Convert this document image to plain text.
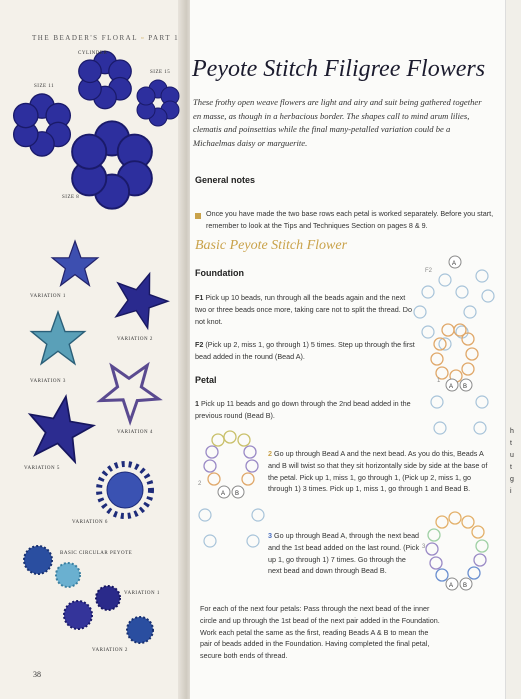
h
t
u
t
g
i
THE BEADER'S FLORAL ▫ PART 1
CYLINDER
SIZE 11
SIZE 15
SIZE 8
VARIATION 1
VARIATION 2
VARIATION 3
VARIATION 4
VARIATION 5
VARIATION 6
BASIC CIRCULAR PEYOTE
VARIATION 1
VARIATION 2
38
Peyote Stitch Filigree Flowers
These frothy open weave flowers are light and airy and suit being gathered together en masse, as though in a herbacious border. The shapes call to mind arum lilies, clematis and poinsettias while the final many-petalled variation could be a Michaelmas daisy or marguerite.
General notes
Once you have made the two base rows each petal is worked separately. Before you start, remember to look at the Tips and Techniques Section on pages 8 & 9.
Basic Peyote Stitch Flower
Foundation
F1 Pick up 10 beads, run through all the beads again and the next two or three beads once more, taking care not to split the thread. Do not knot.
F2 (Pick up 2, miss 1, go through 1) 5 times. Step up through the first bead added in the round (Bead A).
Petal
1 Pick up 11 beads and go down through the 2nd bead added in the previous round (Bead B).
2 Go up through Bead A and the next bead. As you do this, Beads A and B will twist so that they sit horizontally side by side at the base of the petal. Pick up 1, miss 1, go through 1, (Pick up 2, miss 1, go through 1) 3 times. Pick up 1, miss 1, go through 1 and Bead B.
3 Go up through Bead A, through the next bead and the 1st bead added on the last round. (Pick up 1, go through 1) 7 times. Go through the next bead and down through Bead B.
For each of the next four petals: Pass through the next bead of the inner circle and up through the 1st bead of the next pair added in the Foundation. Work each petal the same as the first, reading Beads A & B to mean the pair of beads added in the Foundation. Having completed the final petal, secure both ends of thread.
A
F2
A B
1
A B
2
A B
3
